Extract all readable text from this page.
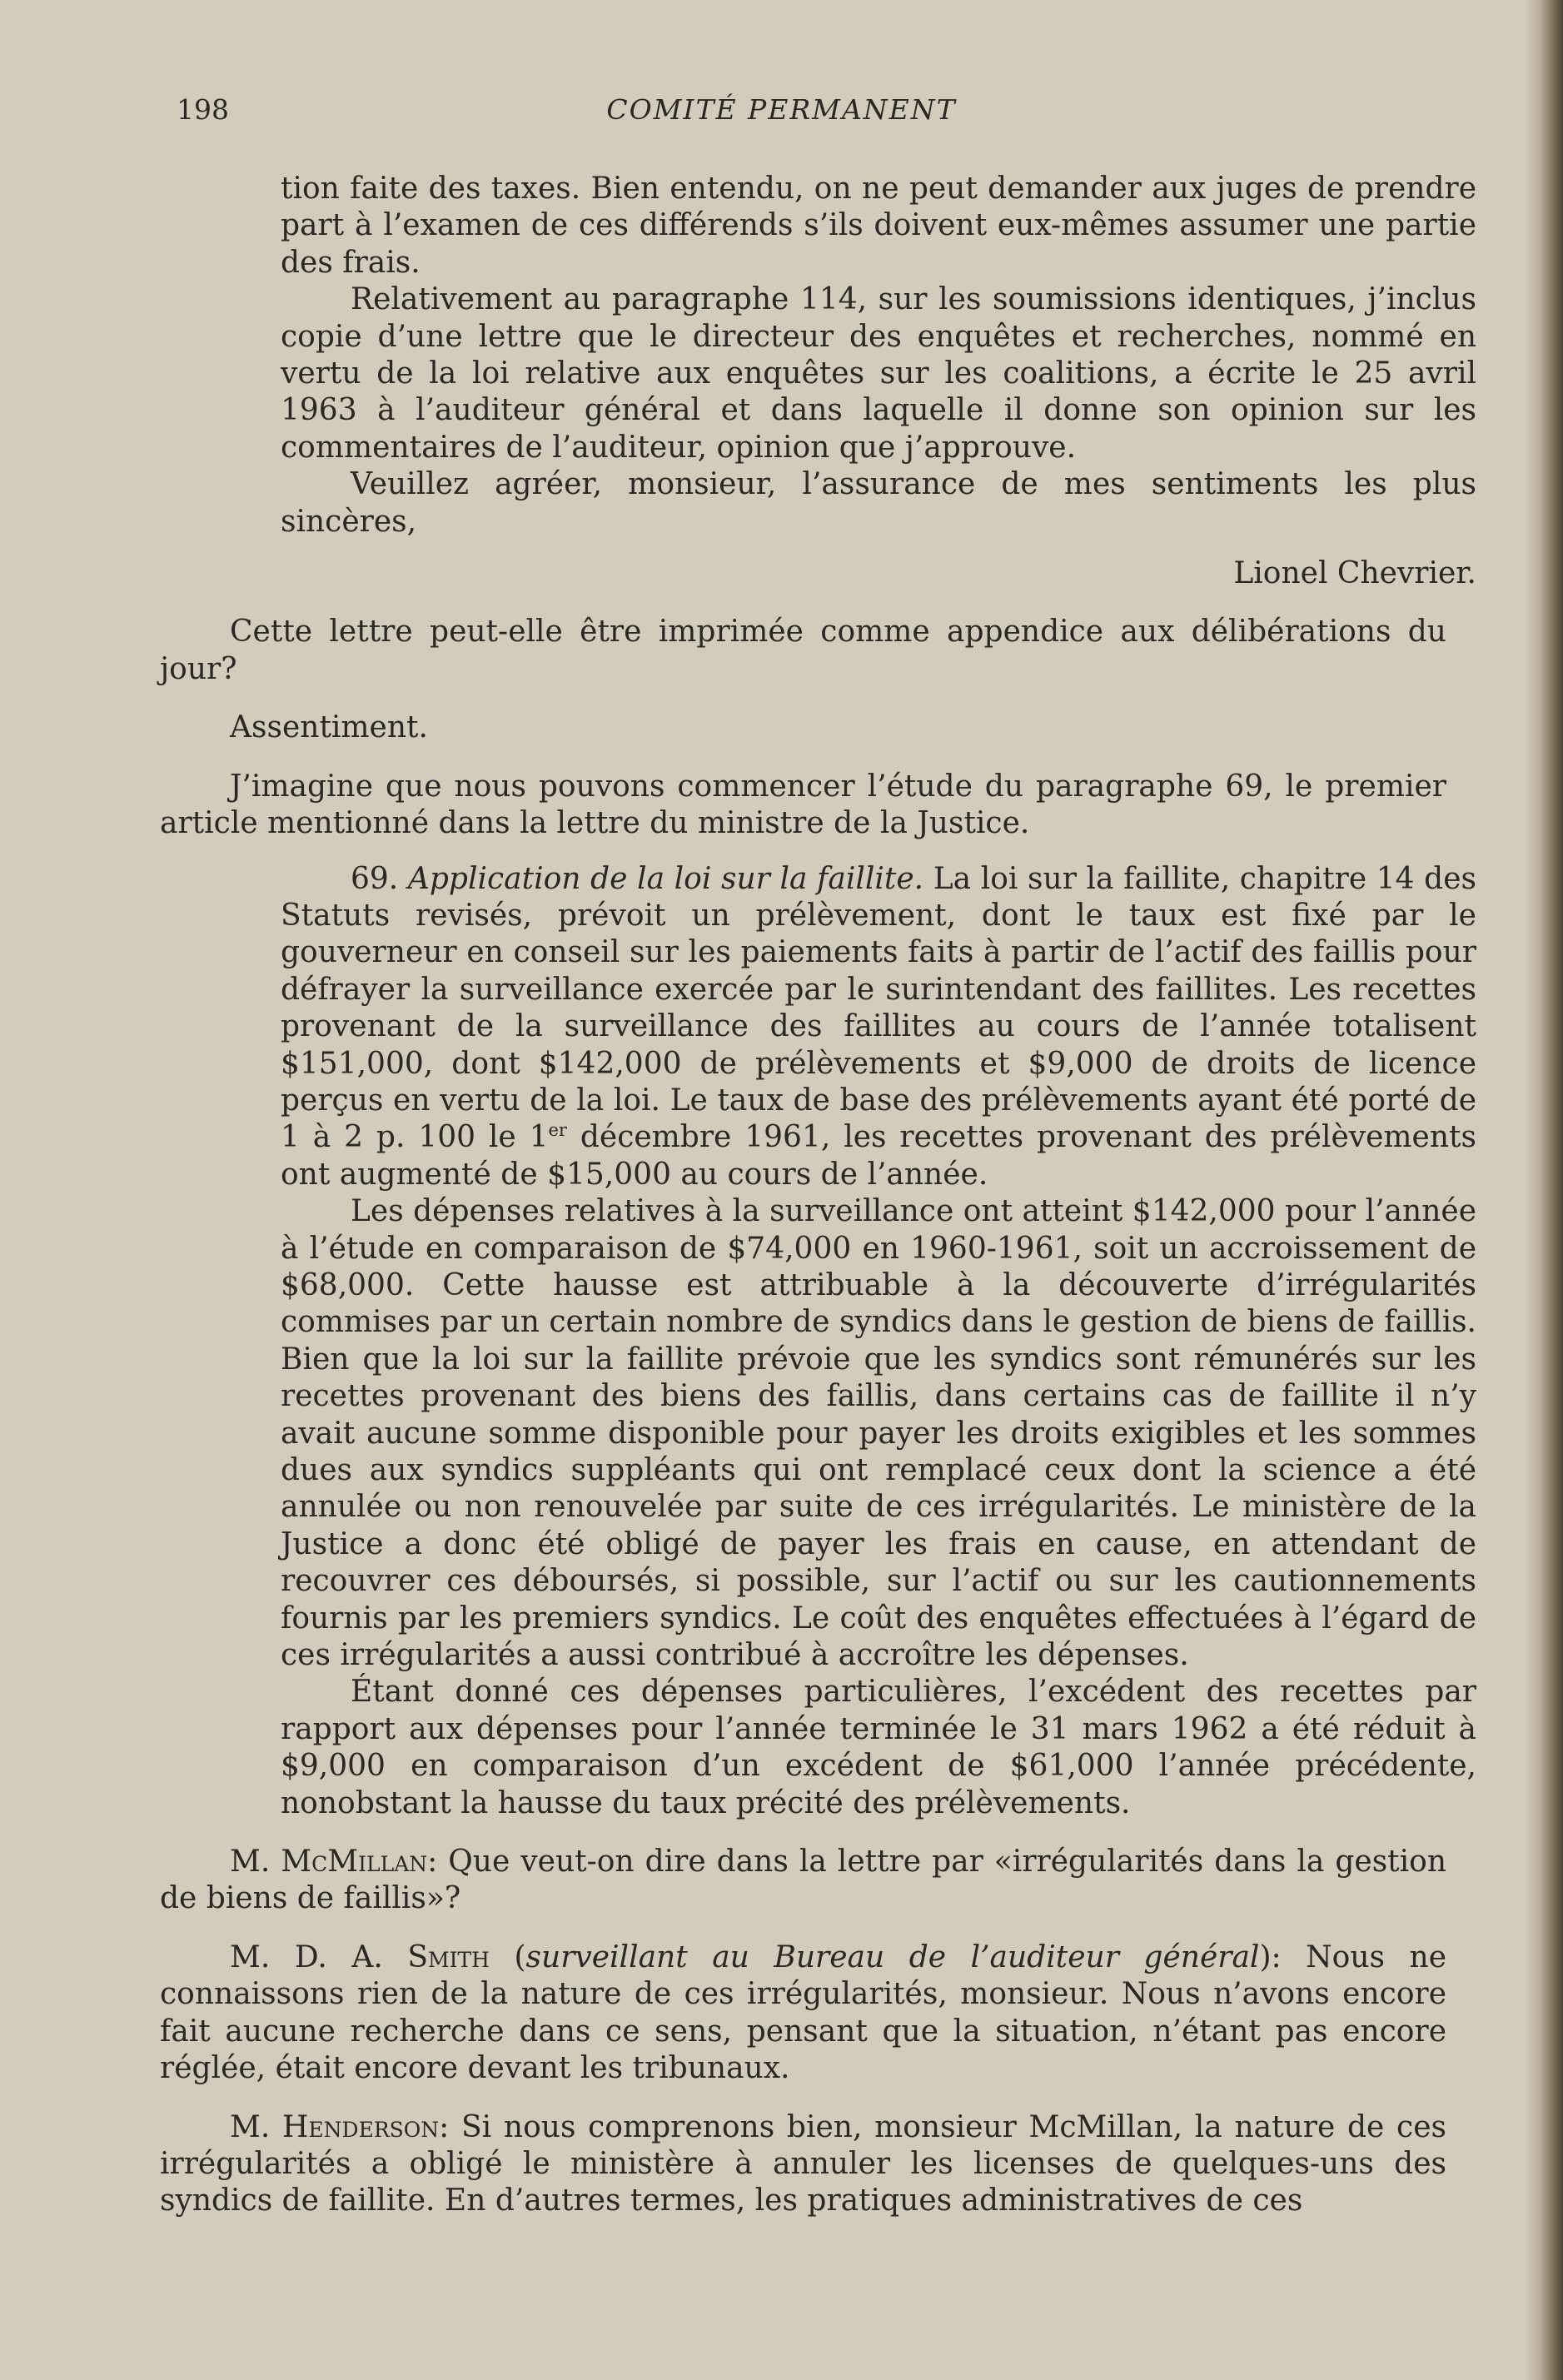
198	COMITÉ PERMANENT

tion faite des taxes. Bien entendu, on ne peut demander aux juges de prendre part à l’examen de ces différends s’ils doivent eux-mêmes assumer une partie des frais.

Relativement au paragraphe 114, sur les soumissions identiques, j’inclus copie d’une lettre que le directeur des enquêtes et recherches, nommé en vertu de la loi relative aux enquêtes sur les coalitions, a écrite le 25 avril 1963 à l’auditeur général et dans laquelle il donne son opinion sur les commentaires de l’auditeur, opinion que j’approuve.

Veuillez agréer, monsieur, l’assurance de mes sentiments les plus sincères,

Lionel Chevrier.

Cette lettre peut-elle être imprimée comme appendice aux délibérations du jour?

Assentiment.

J’imagine que nous pouvons commencer l’étude du paragraphe 69, le premier article mentionné dans la lettre du ministre de la Justice.

69. Application de la loi sur la faillite. La loi sur la faillite, chapitre 14 des Statuts revisés, prévoit un prélèvement, dont le taux est fixé par le gouverneur en conseil sur les paiements faits à partir de l’actif des faillis pour défrayer la surveillance exercée par le surintendant des faillites. Les recettes provenant de la surveillance des faillites au cours de l’année totalisent $151,000, dont $142,000 de prélèvements et $9,000 de droits de licence perçus en vertu de la loi. Le taux de base des prélèvements ayant été porté de 1 à 2 p. 100 le 1er décembre 1961, les recettes provenant des prélèvements ont augmenté de $15,000 au cours de l’année.

Les dépenses relatives à la surveillance ont atteint $142,000 pour l’année à l’étude en comparaison de $74,000 en 1960-1961, soit un accroissement de $68,000. Cette hausse est attribuable à la découverte d’irrégularités commises par un certain nombre de syndics dans le gestion de biens de faillis. Bien que la loi sur la faillite prévoie que les syndics sont rémunérés sur les recettes provenant des biens des faillis, dans certains cas de faillite il n’y avait aucune somme disponible pour payer les droits exigibles et les sommes dues aux syndics suppléants qui ont remplacé ceux dont la science a été annulée ou non renouvelée par suite de ces irrégularités. Le ministère de la Justice a donc été obligé de payer les frais en cause, en attendant de recouvrer ces déboursés, si possible, sur l’actif ou sur les cautionnements fournis par les premiers syndics. Le coût des enquêtes effectuées à l’égard de ces irrégularités a aussi contribué à accroître les dépenses.

Étant donné ces dépenses particulières, l’excédent des recettes par rapport aux dépenses pour l’année terminée le 31 mars 1962 a été réduit à $9,000 en comparaison d’un excédent de $61,000 l’année précédente, nonobstant la hausse du taux précité des prélèvements.

M. McMillan: Que veut-on dire dans la lettre par «irrégularités dans la gestion de biens de faillis»?

M. D. A. Smith (surveillant au Bureau de l’auditeur général): Nous ne connaissons rien de la nature de ces irrégularités, monsieur. Nous n’avons encore fait aucune recherche dans ce sens, pensant que la situation, n’étant pas encore réglée, était encore devant les tribunaux.

M. Henderson: Si nous comprenons bien, monsieur McMillan, la nature de ces irrégularités a obligé le ministère à annuler les licenses de quelques-uns des syndics de faillite. En d’autres termes, les pratiques administratives de ces
